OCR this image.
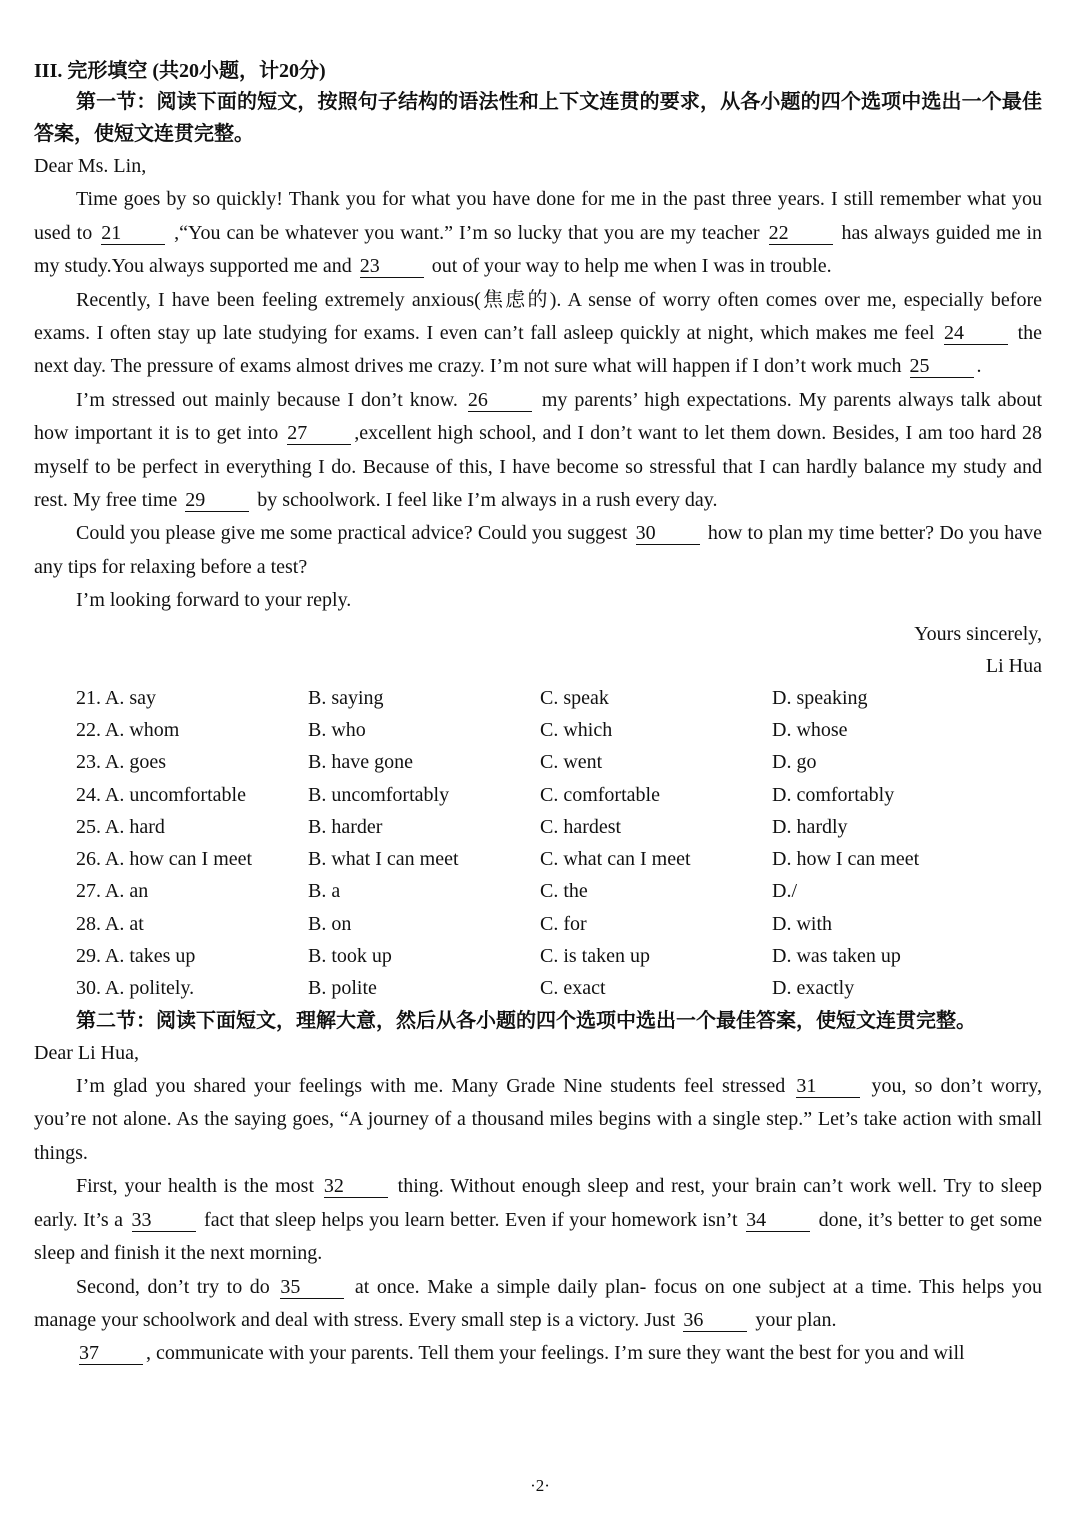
III. 完形填空 (共20小题，计20分)
第一节：阅读下面的短文，按照句子结构的语法性和上下文连贯的要求，从各小题的四个选项中选出一个最佳答案，使短文连贯完整。
Dear Ms. Lin,
Time goes by so quickly! Thank you for what you have done for me in the past three years. I still remember what you used to 21	,“You can be whatever you want.” I’m so lucky that you are my teacher 22	has always guided me in my study.You always supported me and 23	out of your way to help me when I was in trouble.
Recently, I have been feeling extremely anxious(焦虑的). A sense of worry often comes over me, especially before exams. I often stay up late studying for exams. I even can’t fall asleep quickly at night, which makes me feel 24	the next day. The pressure of exams almost drives me crazy. I’m not sure what will happen if I don’t work much 25 .
I’m stressed out mainly because I don’t know. 26	my parents’ high expectations. My parents always talk about how important it is to get into 27 ,excellent high school, and I don’t want to let them down. Besides, I am too hard 28 myself to be perfect in everything I do. Because of this, I have become so stressful that I can hardly balance my study and rest. My free time 29	by schoolwork. I feel like I’m always in a rush every day.
Could you please give me some practical advice? Could you suggest 30	how to plan my time better? Do you have any tips for relaxing before a test?
I’m looking forward to your reply.
Yours sincerely,
Li Hua
21. A. say	B. saying	C. speak	D. speaking
22. A. whom	B. who	C. which	D. whose
23. A. goes	B. have gone	C. went	D. go
24. A. uncomfortable	B. uncomfortably	C. comfortable	D. comfortably
25. A. hard	B. harder	C. hardest	D. hardly
26. A. how can I meet	B. what I can meet	C. what can I meet	D. how I can meet
27. A. an	B. a	C. the	D./
28. A. at	B. on	C. for	D. with
29. A. takes up	B. took up	C. is taken up	D. was taken up
30. A. politely.	B. polite	C. exact	D. exactly
第二节：阅读下面短文，理解大意，然后从各小题的四个选项中选出一个最佳答案，使短文连贯完整。
Dear Li Hua,
I’m glad you shared your feelings with me. Many Grade Nine students feel stressed 31	you, so don’t worry, you’re not alone. As the saying goes, “A journey of a thousand miles begins with a single step.” Let’s take action with small things.
First, your health is the most 32	thing. Without enough sleep and rest, your brain can’t work well. Try to sleep early. It’s a 33	fact that sleep helps you learn better. Even if your homework isn’t 34	done, it’s better to get some sleep and finish it the next morning.
Second, don’t try to do 35	at once. Make a simple daily plan- focus on one subject at a time. This helps you manage your schoolwork and deal with stress. Every small step is a victory. Just 36	your plan.
37 , communicate with your parents. Tell them your feelings. I’m sure they want the best for you and will
·2·
